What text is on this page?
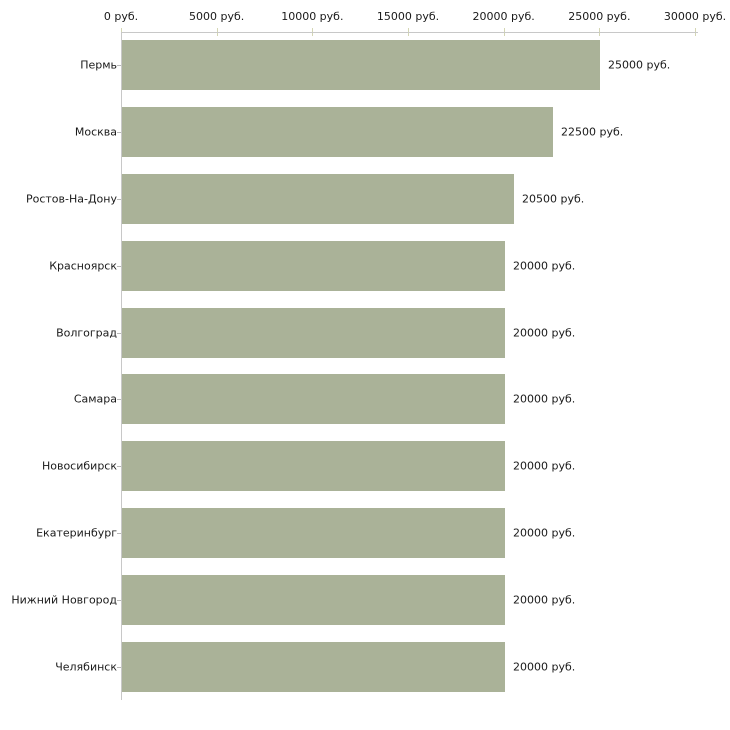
0 руб.	5000 руб.	10000 руб.	15000 руб.	20000 руб.	25000 руб.	30000 руб.
Пермь	25000 руб.
Москва	22500 руб.
Ростов-На-Дону	20500 руб.
Красноярск	20000 руб.
Волгоград	20000 руб.
Самара	20000 руб.
Новосибирск	20000 руб.
Екатеринбург	20000 руб.
Нижний Новгород	20000 руб.
Челябинск	20000 руб.
